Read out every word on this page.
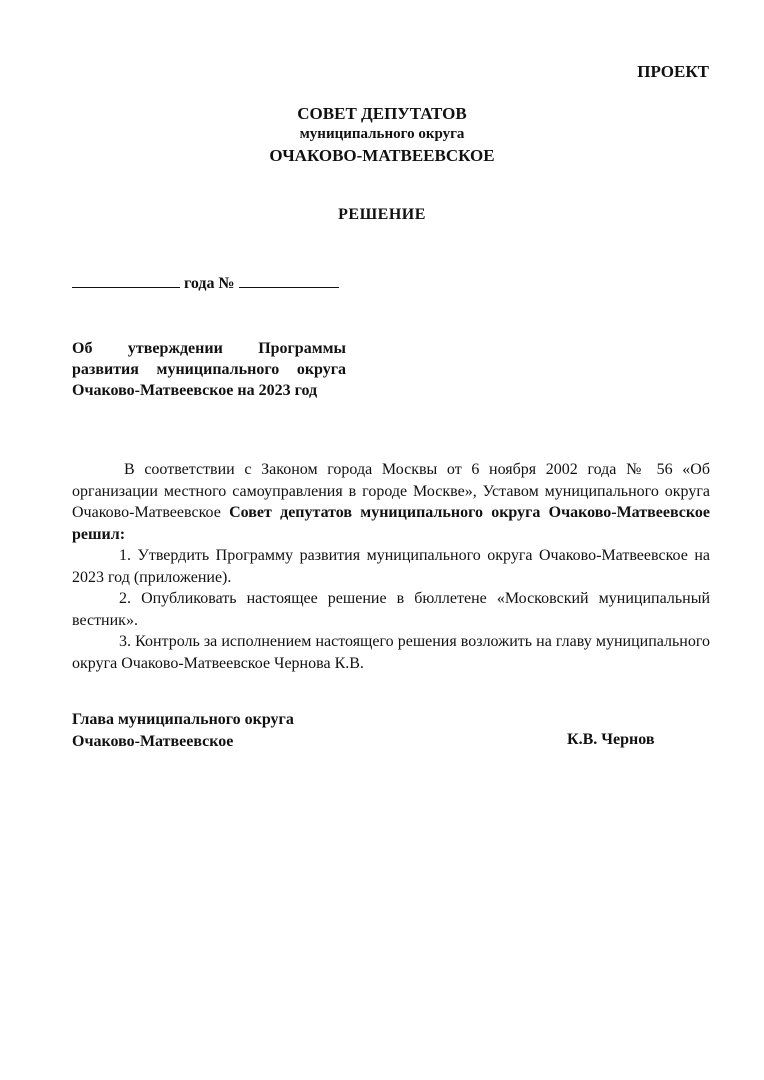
ПРОЕКТ
СОВЕТ ДЕПУТАТОВ
муниципального округа
ОЧАКОВО-МАТВЕЕВСКОЕ
РЕШЕНИЕ
года №
Об утверждении Программы развития муниципального округа Очаково-Матвеевское на 2023 год

В соответствии с Законом города Москвы от 6 ноября 2002 года № 56 «Об организации местного самоуправления в городе Москве», Уставом муниципального округа Очаково-Матвеевское Совет депутатов муниципального округа Очаково-Матвеевское решил:

1. Утвердить Программу развития муниципального округа Очаково-Матвеевское на 2023 год (приложение).

2. Опубликовать настоящее решение в бюллетене «Московский муниципальный вестник».

3. Контроль за исполнением настоящего решения возложить на главу муниципального округа Очаково-Матвеевское Чернова К.В.

Глава муниципального округа
Очаково-Матвеевское	К.В. Чернов
